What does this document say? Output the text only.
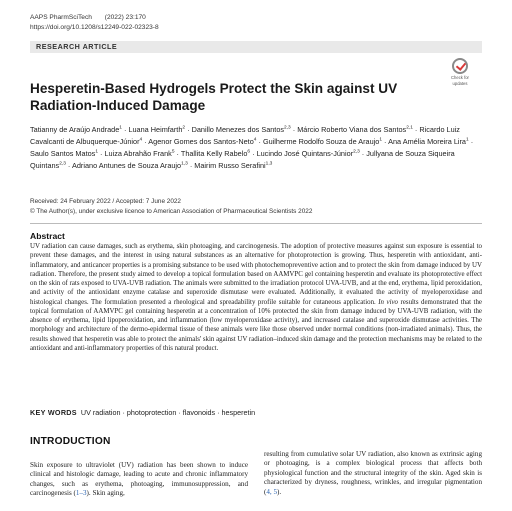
AAPS PharmSciTech (2022) 23:170
https://doi.org/10.1208/s12249-022-02323-8
RESEARCH ARTICLE
Check for
updates
Hesperetin-Based Hydrogels Protect the Skin against UV Radiation-Induced Damage
Tatianny de Araújo Andrade$^1$ · Luana Heimfarth$^2$ · Danillo Menezes dos Santos$^{2,3}$ · Márcio Roberto Viana dos Santos$^{2,1}$ · Ricardo Luiz Cavalcanti de Albuquerque-Júnior$^4$ · Agenor Gomes dos Santos-Neto$^4$ · Guilherme Rodolfo Souza de Araujo$^1$ · Ana Amélia Moreira Lira$^1$ · Saulo Santos Matos$^1$ · Luiza Abrahão Frank$^5$ · Thallita Kelly Rabelo$^6$ · Lucindo José Quintans-Júnior$^{2,3}$ · Jullyana de Souza Siqueira Quintans$^{2,3}$ · Adriano Antunes de Souza Araujo$^{1,3}$ · Mairim Russo Serafini$^{1,3}$
Received: 24 February 2022 / Accepted: 7 June 2022
© The Author(s), under exclusive licence to American Association of Pharmaceutical Scientists 2022
Abstract
UV radiation can cause damages, such as erythema, skin photoaging, and carcinogenesis. The adoption of protective measures against sun exposure is essential to prevent these damages, and the interest in using natural substances as an alternative for photoprotection is growing. Thus, hesperetin with antioxidant, anti-inflammatory, and anticancer properties is a promising substance to be used with photochemopreventive action and to protect the skin from damage induced by UV radiation. Therefore, the present study aimed to develop a topical formulation based on AAMVPC gel containing hesperetin and evaluate its photoprotective effect on the skin of rats exposed to UVA-UVB radiation. The animals were submitted to the irradiation protocol UVA-UVB, and at the end, erythema, lipid peroxidation, and activity of the antioxidant enzyme catalase and superoxide dismutase were evaluated. Additionally, it evaluated the activity of myeloperoxidase and histological changes. The formulation presented a rheological and spreadability profile suitable for cutaneous application. In vivo results demonstrated that the topical formulation of AAMVPC gel containing hesperetin at a concentration of 10% protected the skin from damage induced by UVA-UVB radiation, with the absence of erythema, lipid lipoperoxidation, and inflammation (low myeloperoxidase activity), and increased catalase and superoxide dismutase activities. The morphology and architecture of the dermo-epidermal tissue of these animals were like those observed under normal conditions (non-irradiated animals). Thus, the results showed that hesperetin was able to protect the animals' skin against UV radiation–induced skin damage and the protection mechanisms may be related to the antioxidant and anti-inflammatory properties of this natural product.
KEY WORDS UV radiation · photoprotection · flavonoids · hesperetin
INTRODUCTION
Skin exposure to ultraviolet (UV) radiation has been shown to induce clinical and histologic damage, leading to acute and chronic inflammatory changes, such as erythema, photoaging, immunosuppression, and carcinogenesis (1–3). Skin aging,
resulting from cumulative solar UV radiation, also known as extrinsic aging or photoaging, is a complex biological process that affects both physiological function and the structural integrity of the skin. Aged skin is characterized by dryness, roughness, wrinkles, and irregular pigmentation (4, 5).
